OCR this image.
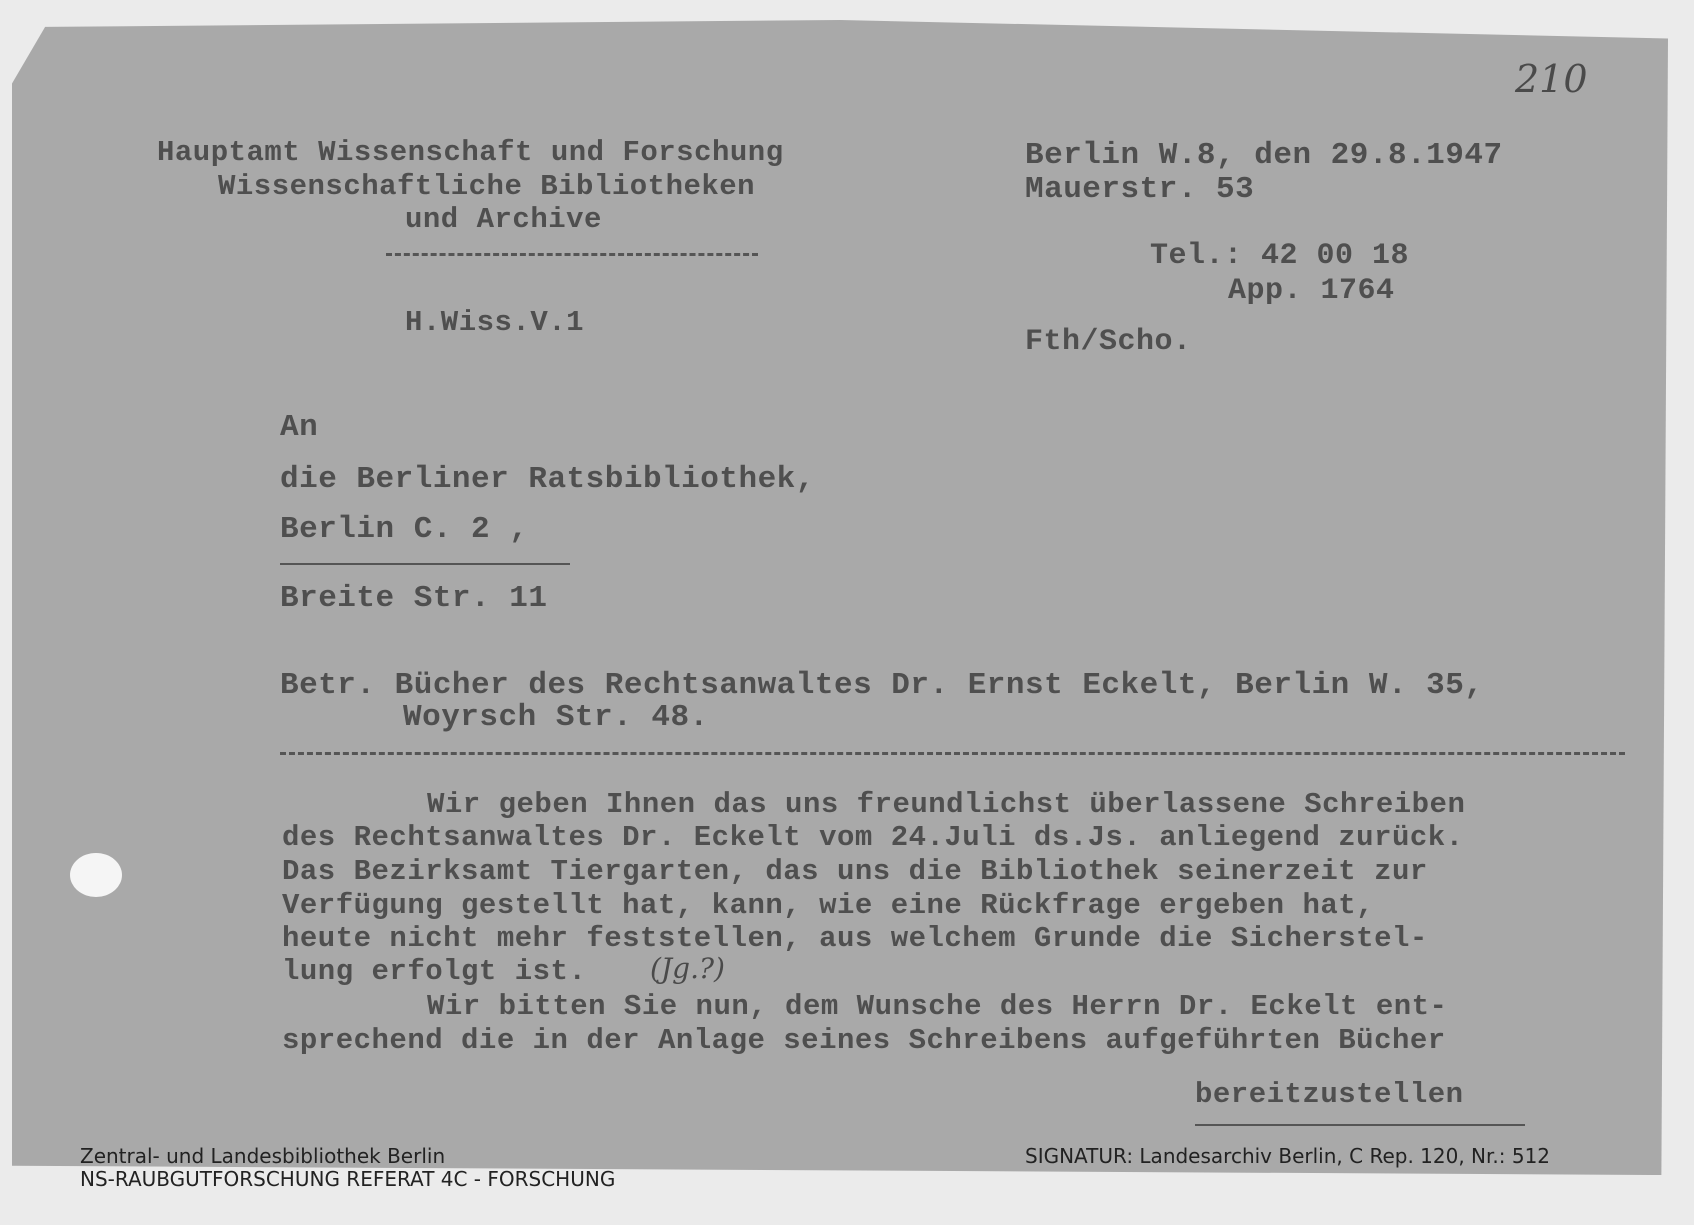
210
Hauptamt Wissenschaft und Forschung
Wissenschaftliche Bibliotheken
und Archive
H.Wiss.V.1
Berlin W.8, den 29.8.1947
Mauerstr. 53
Tel.: 42 00 18
App. 1764
Fth/Scho.
An
die Berliner Ratsbibliothek,
Berlin C. 2 ,
Breite Str. 11
Betr. Bücher des Rechtsanwaltes Dr. Ernst Eckelt, Berlin W. 35,
Woyrsch Str. 48.
Wir geben Ihnen das uns freundlichst überlassene Schreiben
des Rechtsanwaltes Dr. Eckelt vom 24.Juli ds.Js. anliegend zurück.
Das Bezirksamt Tiergarten, das uns die Bibliothek seinerzeit zur
Verfügung gestellt hat, kann, wie eine Rückfrage ergeben hat,
heute nicht mehr feststellen, aus welchem Grunde die Sicherstel-
lung erfolgt ist. (Jg.?)
Wir bitten Sie nun, dem Wunsche des Herrn Dr. Eckelt ent-
sprechend die in der Anlage seines Schreibens aufgeführten Bücher
bereitzustellen
Zentral- und Landesbibliothek Berlin
NS-RAUBGUTFORSCHUNG REFERAT 4C - FORSCHUNG
SIGNATUR: Landesarchiv Berlin, C Rep. 120, Nr.: 512
